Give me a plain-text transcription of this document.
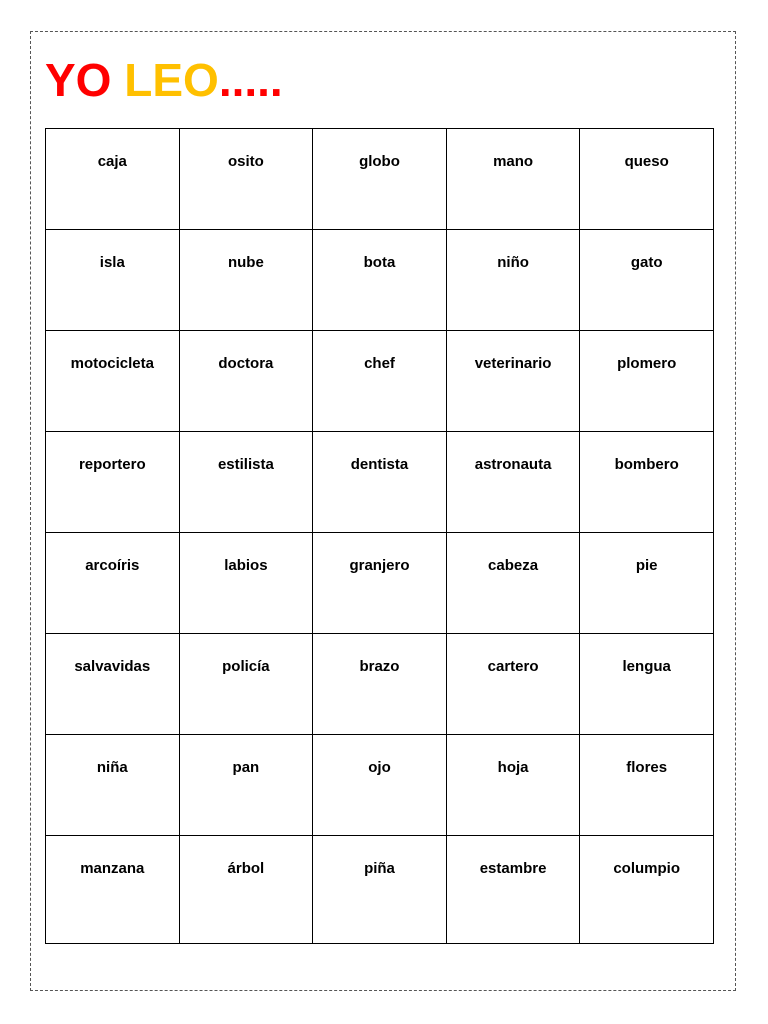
YO LEO.....
caja	osito	globo	mano	queso
isla	nube	bota	niño	gato
motocicleta	doctora	chef	veterinario	plomero
reportero	estilista	dentista	astronauta	bombero
arcoíris	labios	granjero	cabeza	pie
salvavidas	policía	brazo	cartero	lengua
niña	pan	ojo	hoja	flores
manzana	árbol	piña	estambre	columpio
